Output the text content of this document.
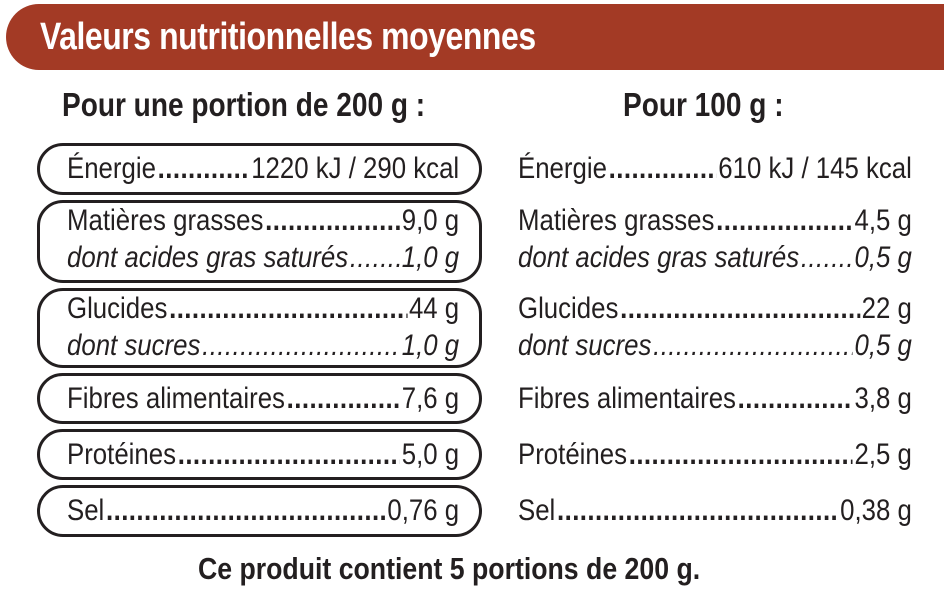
Valeurs nutritionnelles moyennes
Pour une portion de 200 g :	Pour 100 g :
Énergie .....	1220 kJ / 290 kcal
Matières grasses .....	9,0 g
dont acides gras saturés ..... 1,0 g
Glucides .....	44 g
dont sucres .....	1,0 g
Fibres alimentaires .....	7,6 g
Protéines .....	5,0 g
Sel .....	0,76 g
Énergie .....	610 kJ / 145 kcal
Matières grasses .....	4,5 g
dont acides gras saturés ..... 0,5 g
Glucides .....	22 g
dont sucres .....	0,5 g
Fibres alimentaires .....	3,8 g
Protéines .....	2,5 g
Sel .....	0,38 g
Ce produit contient 5 portions de 200 g.
